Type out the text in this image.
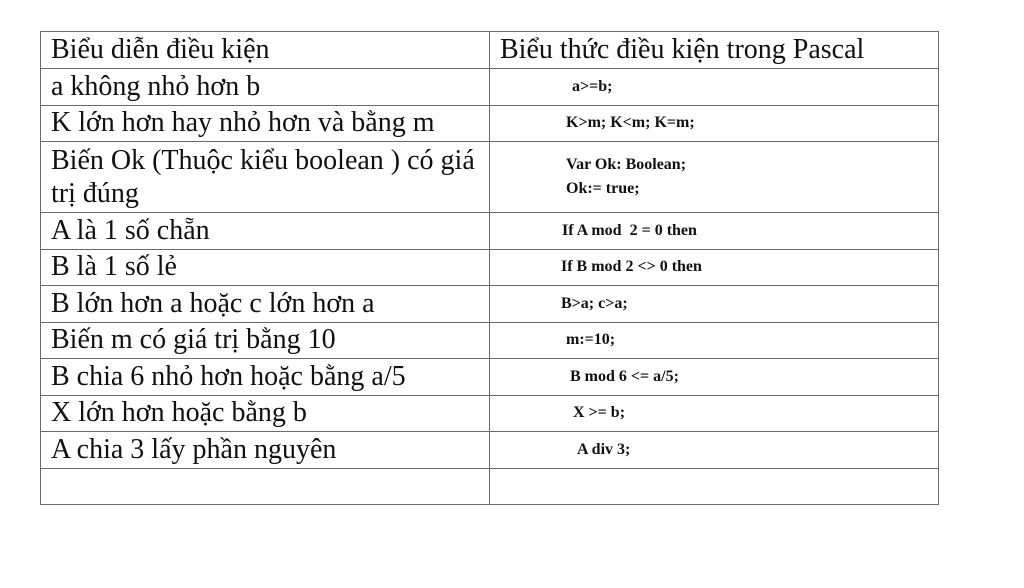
Biểu diễn điều kiện	Biểu thức điều kiện trong Pascal
a không nhỏ hơn b	a>=b;
K lớn hơn hay nhỏ hơn và bằng m	K>m; K<m; K=m;
Biến Ok (Thuộc kiểu boolean ) có giá trị đúng	Var Ok: Boolean;
Ok:= true;

A là 1 số chẵn	If A mod  2 = 0 then
B là 1 số lẻ	If B mod 2 <> 0 then
B lớn hơn a hoặc c lớn hơn a	B>a; c>a;
Biến m có giá trị bằng 10	m:=10;
B chia 6 nhỏ hơn hoặc bằng a/5	B mod 6 <= a/5;
X lớn hơn hoặc bằng b	X >= b;
A chia 3 lấy phần nguyên	A div 3;
